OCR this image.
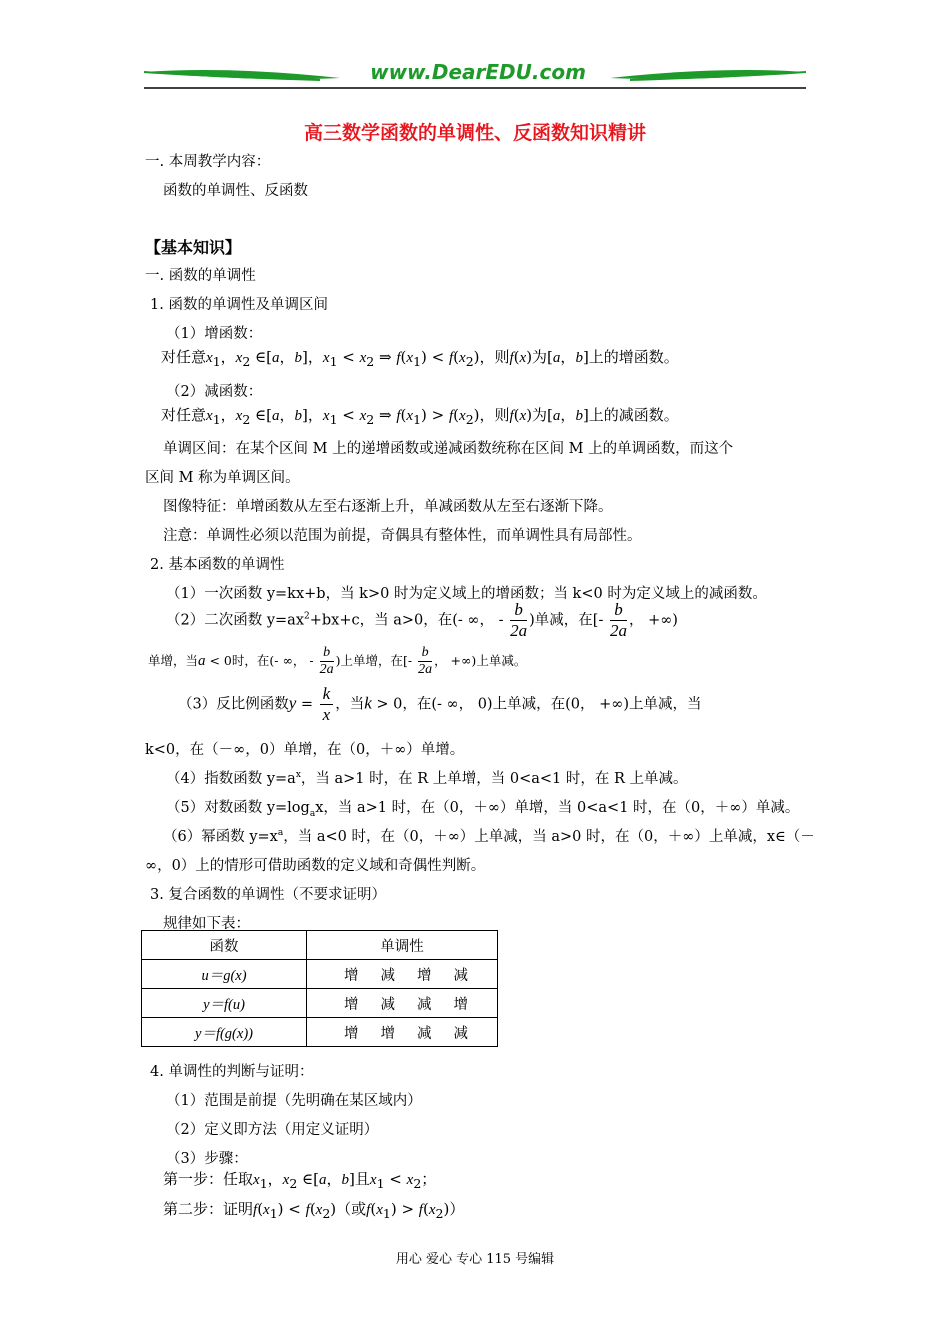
www.DearEDU.com
高三数学函数的单调性、反函数知识精讲
一. 本周教学内容：
函数的单调性、反函数
【基本知识】
一. 函数的单调性
1. 函数的单调性及单调区间
（1）增函数：
对任意$x_1$，$x_2$ ∈[a，b]，$x_1 < x_2$ ⇒ $f(x_1) < f(x_2)$，则f(x)为[a，b]上的增函数。
（2）减函数：
对任意$x_1$，$x_2$ ∈[a，b]，$x_1 < x_2$ ⇒ $f(x_1) > f(x_2)$，则f(x)为[a，b]上的减函数。
单调区间：在某个区间 M 上的递增函数或递减函数统称在区间 M 上的单调函数，而这个
区间 M 称为单调区间。
图像特征：单增函数从左至右逐渐上升，单减函数从左至右逐渐下降。
注意：单调性必须以范围为前提，奇偶具有整体性，而单调性具有局部性。
2. 基本函数的单调性
（1）一次函数 y=kx+b，当 k>0 时为定义域上的增函数；当 k<0 时为定义域上的减函数。
（2）二次函数 $y=ax^2+bx+c$，当 a>0，在(- ∞， - $\frac{b}{2a}$ )单减，在[- $\frac{b}{2a}$ ， +∞)
单增，当a < 0时，在(- ∞， - $\frac{b}{2a}$ )上单增，在[- $\frac{b}{2a}$ ， +∞)上单减。
（3）反比例函数$y = \frac{k}{x}$ ，当k > 0，在(- ∞， 0)上单减，在(0， +∞)上单减，当
k<0，在（－∞，0）单增，在（0，＋∞）单增。
（4）指数函数 $y=a^x$，当 a>1 时，在 R 上单增，当 0<a<1 时，在 R 上单减。
（5）对数函数 $y=\log_ax$，当 a>1 时，在（0，＋∞）单增，当 0<a<1 时，在（0，＋∞）单减。
（6）幂函数 $y=x^a$，当 a<0 时，在（0，＋∞）上单减，当 a>0 时，在（0，＋∞）上单减，x∈（－
∞，0）上的情形可借助函数的定义域和奇偶性判断。
3. 复合函数的单调性（不要求证明）
规律如下表：
函数	单调性
u＝g(x)	增 减 增 减
y＝f(u)	增 减 减 增
y＝f(g(x))	增 增 减 减
4. 单调性的判断与证明：
（1）范围是前提（先明确在某区域内）
（2）定义即方法（用定义证明）
（3）步骤：
第一步：任取$x_1$，$x_2$ ∈[a，b]且$x_1 < x_2$；
第二步：证明$f(x_1) < f(x_2)$（或$f(x_1) > f(x_2)$）
用心 爱心 专心 115 号编辑
